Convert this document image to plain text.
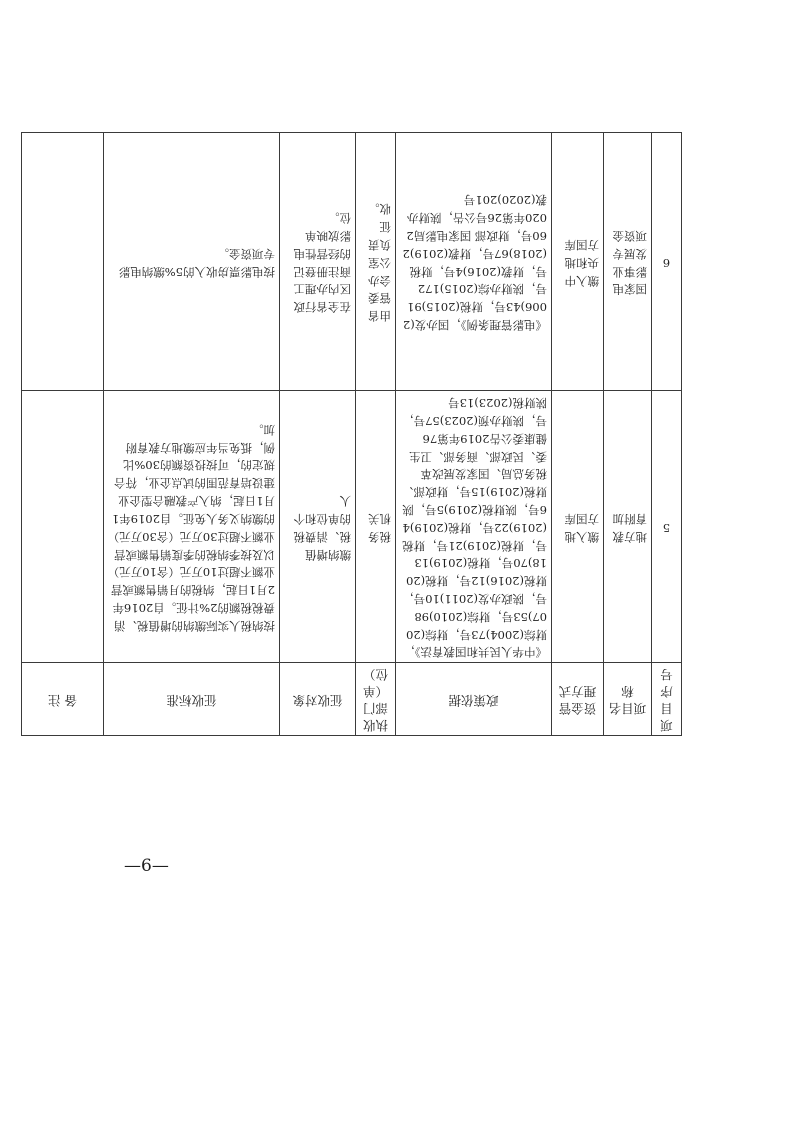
—6—
项目序号	项目名称	资金管理方式	政策依据	执收部门（单位）	征收对象	征收标准	备 注
5	地方教育附加	缴入地方国库	《中华人民共和国教育法》，财综(2004)73号，财综(2007)53号，财综(2010)98号，陕政办发(2011)10号，财税(2016)12号，财税(2018)70号，财税(2019)13号，财税(2019)21号，财税(2019)22号，财税(2019)46号，陕财税(2019)5号，陕财税(2019)15号，财政部、税务总局、国家发展改革委、民政部、商务部、卫生健康委公告2019年第76号，陕财办预(2023)57号，陕财税(2023)13号	税务机关	缴纳增值税、消费税的单位和个人	按纳税人实际缴纳的增值税、消费税税额的2%计征。自2016年2月1日起，纳税的月销售额或营业额不超过10万元（含10万元）以及按季纳税的季度销售额或营业额不超过30万元（含30万元）的缴纳义务人免征。自2019年1月1日起，纳入产教融合型企业建设培育范围的试点企业，符合规定的，可按投资额的30%比例，抵免当年应缴地方教育附加。	
6	国家电影事业发展专项资金	缴入中央和地方国库	《电影管理条例》，国办发(2006)43号，财税(2015)91号，陕财办综(2015)172号，财教(2016)4号，财税(2018)67号，财教(2019)260号，财政部 国家电影局2020年第26号公告，陕财办教(2020)201号	由省管委会办公室负责征收。	在全省行政区内办理工商注册登记的经营性电影放映单位。	按电影票房收入的5%缴纳电影专项资金。	
